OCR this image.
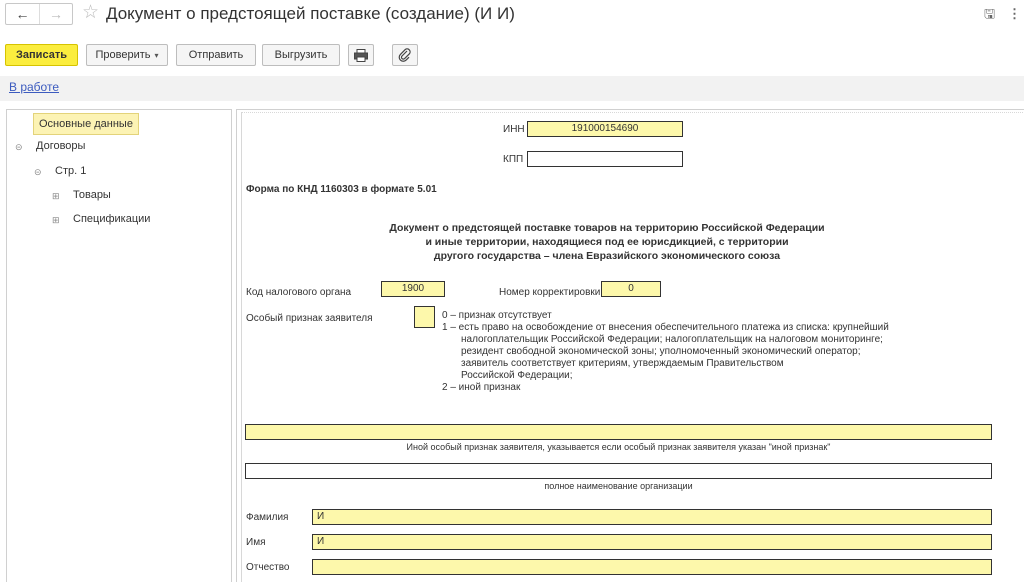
←	→	☆ Документ о предстоящей поставке (создание) (И И)	🖫 ⋮
Записать	Проверить ▾	Отправить	Выгрузить
В работе
Основные данные
⊝ Договоры
⊝ Стр. 1
⊞ Товары
⊞ Спецификации
ИНН	191000154690
КПП
Форма по КНД 1160303 в формате 5.01
Документ о предстоящей поставке товаров на территорию Российской Федерации
и иные территории, находящиеся под ее юрисдикцией, с территории
другого государства – члена Евразийского экономического союза
Код налогового органа	1900	Номер корректировки	0
Особый признак заявителя	0 – признак отсутствует
1 – есть право на освобождение от внесения обеспечительного платежа из списка: крупнейший
налогоплательщик Российской Федерации; налогоплательщик на налоговом мониторинге;
резидент свободной экономической зоны; уполномоченный экономический оператор;
заявитель соответствует критериям, утверждаемым Правительством
Российской Федерации;
2 – иной признак
Иной особый признак заявителя, указывается если особый признак заявителя указан "иной признак"
полное наименование организации
Фамилия	И
Имя	И
Отчество
